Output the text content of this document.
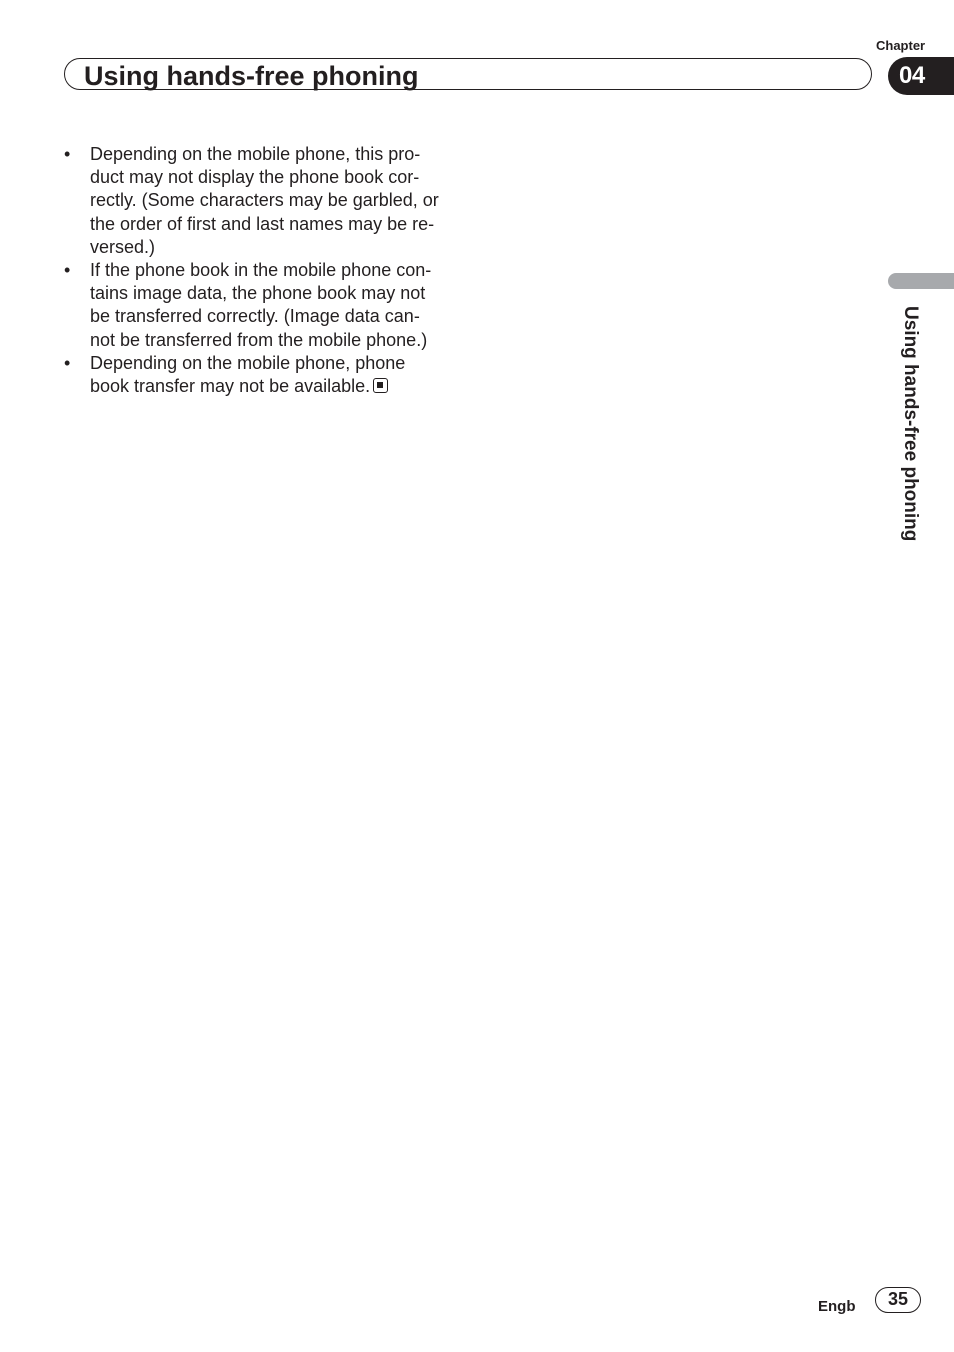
Chapter
Using hands-free phoning	04
•	Depending on the mobile phone, this pro-
duct may not display the phone book cor-
rectly. (Some characters may be garbled, or
the order of first and last names may be re-
versed.)
•	If the phone book in the mobile phone con-
tains image data, the phone book may not
be transferred correctly. (Image data can-
not be transferred from the mobile phone.)
•	Depending on the mobile phone, phone
book transfer may not be available.	Using hands-free phoning
Engb	35
